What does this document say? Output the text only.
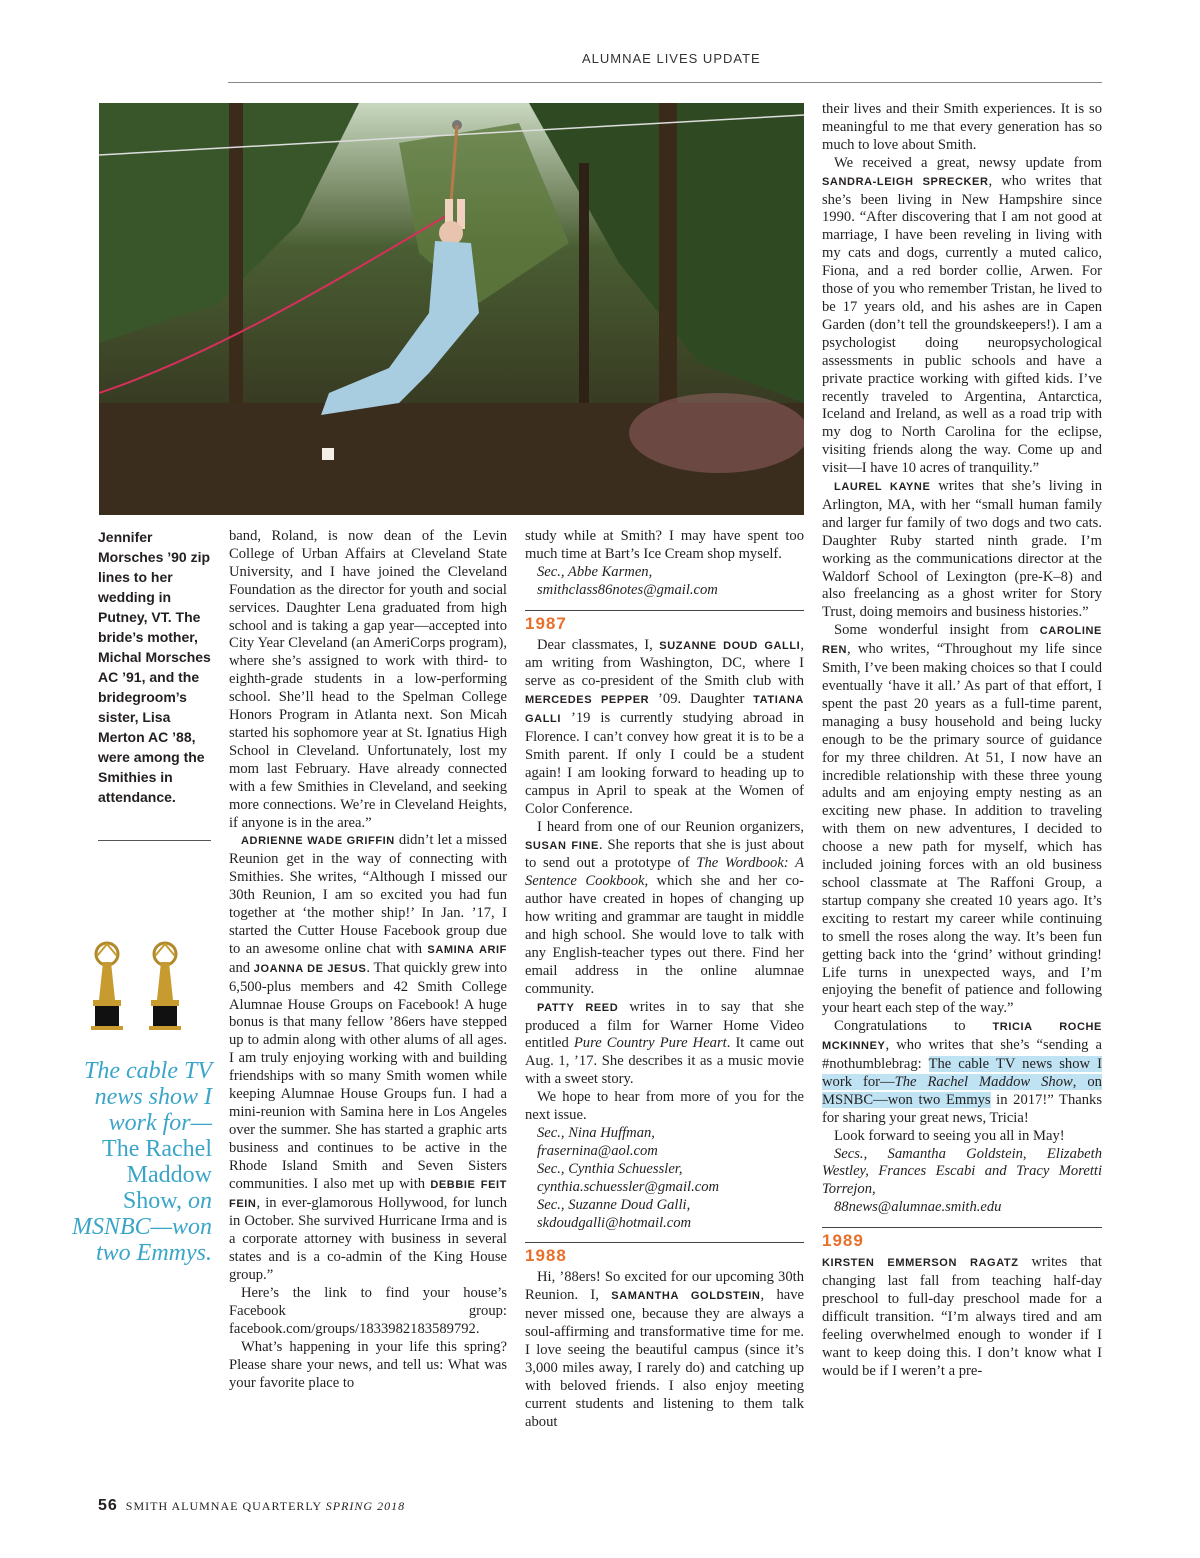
ALUMNAE LIVES UPDATE
Jennifer Morsches ’90 zip lines to her wedding in Putney, VT. The bride’s mother, Michal Morsches AC ’91, and the bridegroom’s sister, Lisa Merton AC ’88, were among the Smithies in attendance.
The cable TV news show I work for— The Rachel Maddow Show, on MSNBC—won two Emmys.

band, Roland, is now dean of the Levin College of Urban Affairs at Cleveland State University, and I have joined the Cleveland Foundation as the director for youth and social services. Daughter Lena graduated from high school and is taking a gap year—accepted into City Year Cleveland (an AmeriCorps program), where she’s assigned to work with third- to eighth-grade students in a low-performing school. She’ll head to the Spelman College Honors Program in Atlanta next. Son Micah started his sophomore year at St. Ignatius High School in Cleveland. Unfortunately, lost my mom last February. Have already connected with a few Smithies in Cleveland, and seeking more connections. We’re in Cleveland Heights, if anyone is in the area.”

ADRIENNE WADE GRIFFIN didn’t let a missed Reunion get in the way of connecting with Smithies. She writes, “Although I missed our 30th Reunion, I am so excited you had fun together at ‘the mother ship!’ In Jan. ’17, I started the Cutter House Facebook group due to an awesome online chat with SAMINA ARIF and JOANNA DE JESUS. That quickly grew into 6,500-plus members and 42 Smith College Alumnae House Groups on Facebook! A huge bonus is that many fellow ’86ers have stepped up to admin along with other alums of all ages. I am truly enjoying working with and building friendships with so many Smith women while keeping Alumnae House Groups fun. I had a mini-reunion with Samina here in Los Angeles over the summer. She has started a graphic arts business and continues to be active in the Rhode Island Smith and Seven Sisters communities. I also met up with DEBBIE FEIT FEIN, in ever-glamorous Hollywood, for lunch in October. She survived Hurricane Irma and is a corporate attorney with business in several states and is a co-admin of the King House group.”

Here’s the link to find your house’s Facebook group: facebook.com/groups/1833982183589792.

What’s happening in your life this spring? Please share your news, and tell us: What was your favorite place to

study while at Smith? I may have spent too much time at Bart’s Ice Cream shop myself.

Sec., Abbe Karmen,

smithclass86notes@gmail.com

1987

Dear classmates, I, SUZANNE DOUD GALLI, am writing from Washington, DC, where I serve as co-president of the Smith club with MERCEDES PEPPER ’09. Daughter TATIANA GALLI ’19 is currently studying abroad in Florence. I can’t convey how great it is to be a Smith parent. If only I could be a student again! I am looking forward to heading up to campus in April to speak at the Women of Color Conference.

I heard from one of our Reunion organizers, SUSAN FINE. She reports that she is just about to send out a prototype of The Wordbook: A Sentence Cookbook, which she and her co-author have created in hopes of changing up how writing and grammar are taught in middle and high school. She would love to talk with any English-teacher types out there. Find her email address in the online alumnae community.

PATTY REED writes in to say that she produced a film for Warner Home Video entitled Pure Country Pure Heart. It came out Aug. 1, ’17. She describes it as a music movie with a sweet story.

We hope to hear from more of you for the next issue.

Sec., Nina Huffman,

frasernina@aol.com

Sec., Cynthia Schuessler,

cynthia.schuessler@gmail.com

Sec., Suzanne Doud Galli,

skdoudgalli@hotmail.com

1988

Hi, ’88ers! So excited for our upcoming 30th Reunion. I, SAMANTHA GOLDSTEIN, have never missed one, because they are always a soul-affirming and transformative time for me. I love seeing the beautiful campus (since it’s 3,000 miles away, I rarely do) and catching up with beloved friends. I also enjoy meeting current students and listening to them talk about

their lives and their Smith experiences. It is so meaningful to me that every generation has so much to love about Smith.

We received a great, newsy update from SANDRA-LEIGH SPRECKER, who writes that she’s been living in New Hampshire since 1990. “After discovering that I am not good at marriage, I have been reveling in living with my cats and dogs, currently a muted calico, Fiona, and a red border collie, Arwen. For those of you who remember Tristan, he lived to be 17 years old, and his ashes are in Capen Garden (don’t tell the groundskeepers!). I am a psychologist doing neuropsychological assessments in public schools and have a private practice working with gifted kids. I’ve recently traveled to Argentina, Antarctica, Iceland and Ireland, as well as a road trip with my dog to North Carolina for the eclipse, visiting friends along the way. Come up and visit—I have 10 acres of tranquility.”

LAUREL KAYNE writes that she’s living in Arlington, MA, with her “small human family and larger fur family of two dogs and two cats. Daughter Ruby started ninth grade. I’m working as the communications director at the Waldorf School of Lexington (pre-K–8) and also freelancing as a ghost writer for Story Trust, doing memoirs and business histories.”

Some wonderful insight from CAROLINE REN, who writes, “Throughout my life since Smith, I’ve been making choices so that I could eventually ‘have it all.’ As part of that effort, I spent the past 20 years as a full-time parent, managing a busy household and being lucky enough to be the primary source of guidance for my three children. At 51, I now have an incredible relationship with these three young adults and am enjoying empty nesting as an exciting new phase. In addition to traveling with them on new adventures, I decided to choose a new path for myself, which has included joining forces with an old business school classmate at The Raffoni Group, a startup company she created 10 years ago. It’s exciting to restart my career while continuing to smell the roses along the way. It’s been fun getting back into the ‘grind’ without grinding! Life turns in unexpected ways, and I’m enjoying the benefit of patience and following your heart each step of the way.”

Congratulations to TRICIA ROCHE MCKINNEY, who writes that she’s “sending a #nothumblebrag: The cable TV news show I work for—The Rachel Maddow Show, on MSNBC—won two Emmys in 2017!” Thanks for sharing your great news, Tricia!

Look forward to seeing you all in May!

Secs., Samantha Goldstein, Elizabeth Westley, Frances Escabi and Tracy Moretti Torrejon,

88news@alumnae.smith.edu

1989

KIRSTEN EMMERSON RAGATZ writes that changing last fall from teaching half-day preschool to full-day preschool made for a difficult transition. “I’m always tired and am feeling overwhelmed enough to wonder if I want to keep doing this. I don’t know what I would be if I weren’t a pre-

56 SMITH ALUMNAE QUARTERLY SPRING 2018
